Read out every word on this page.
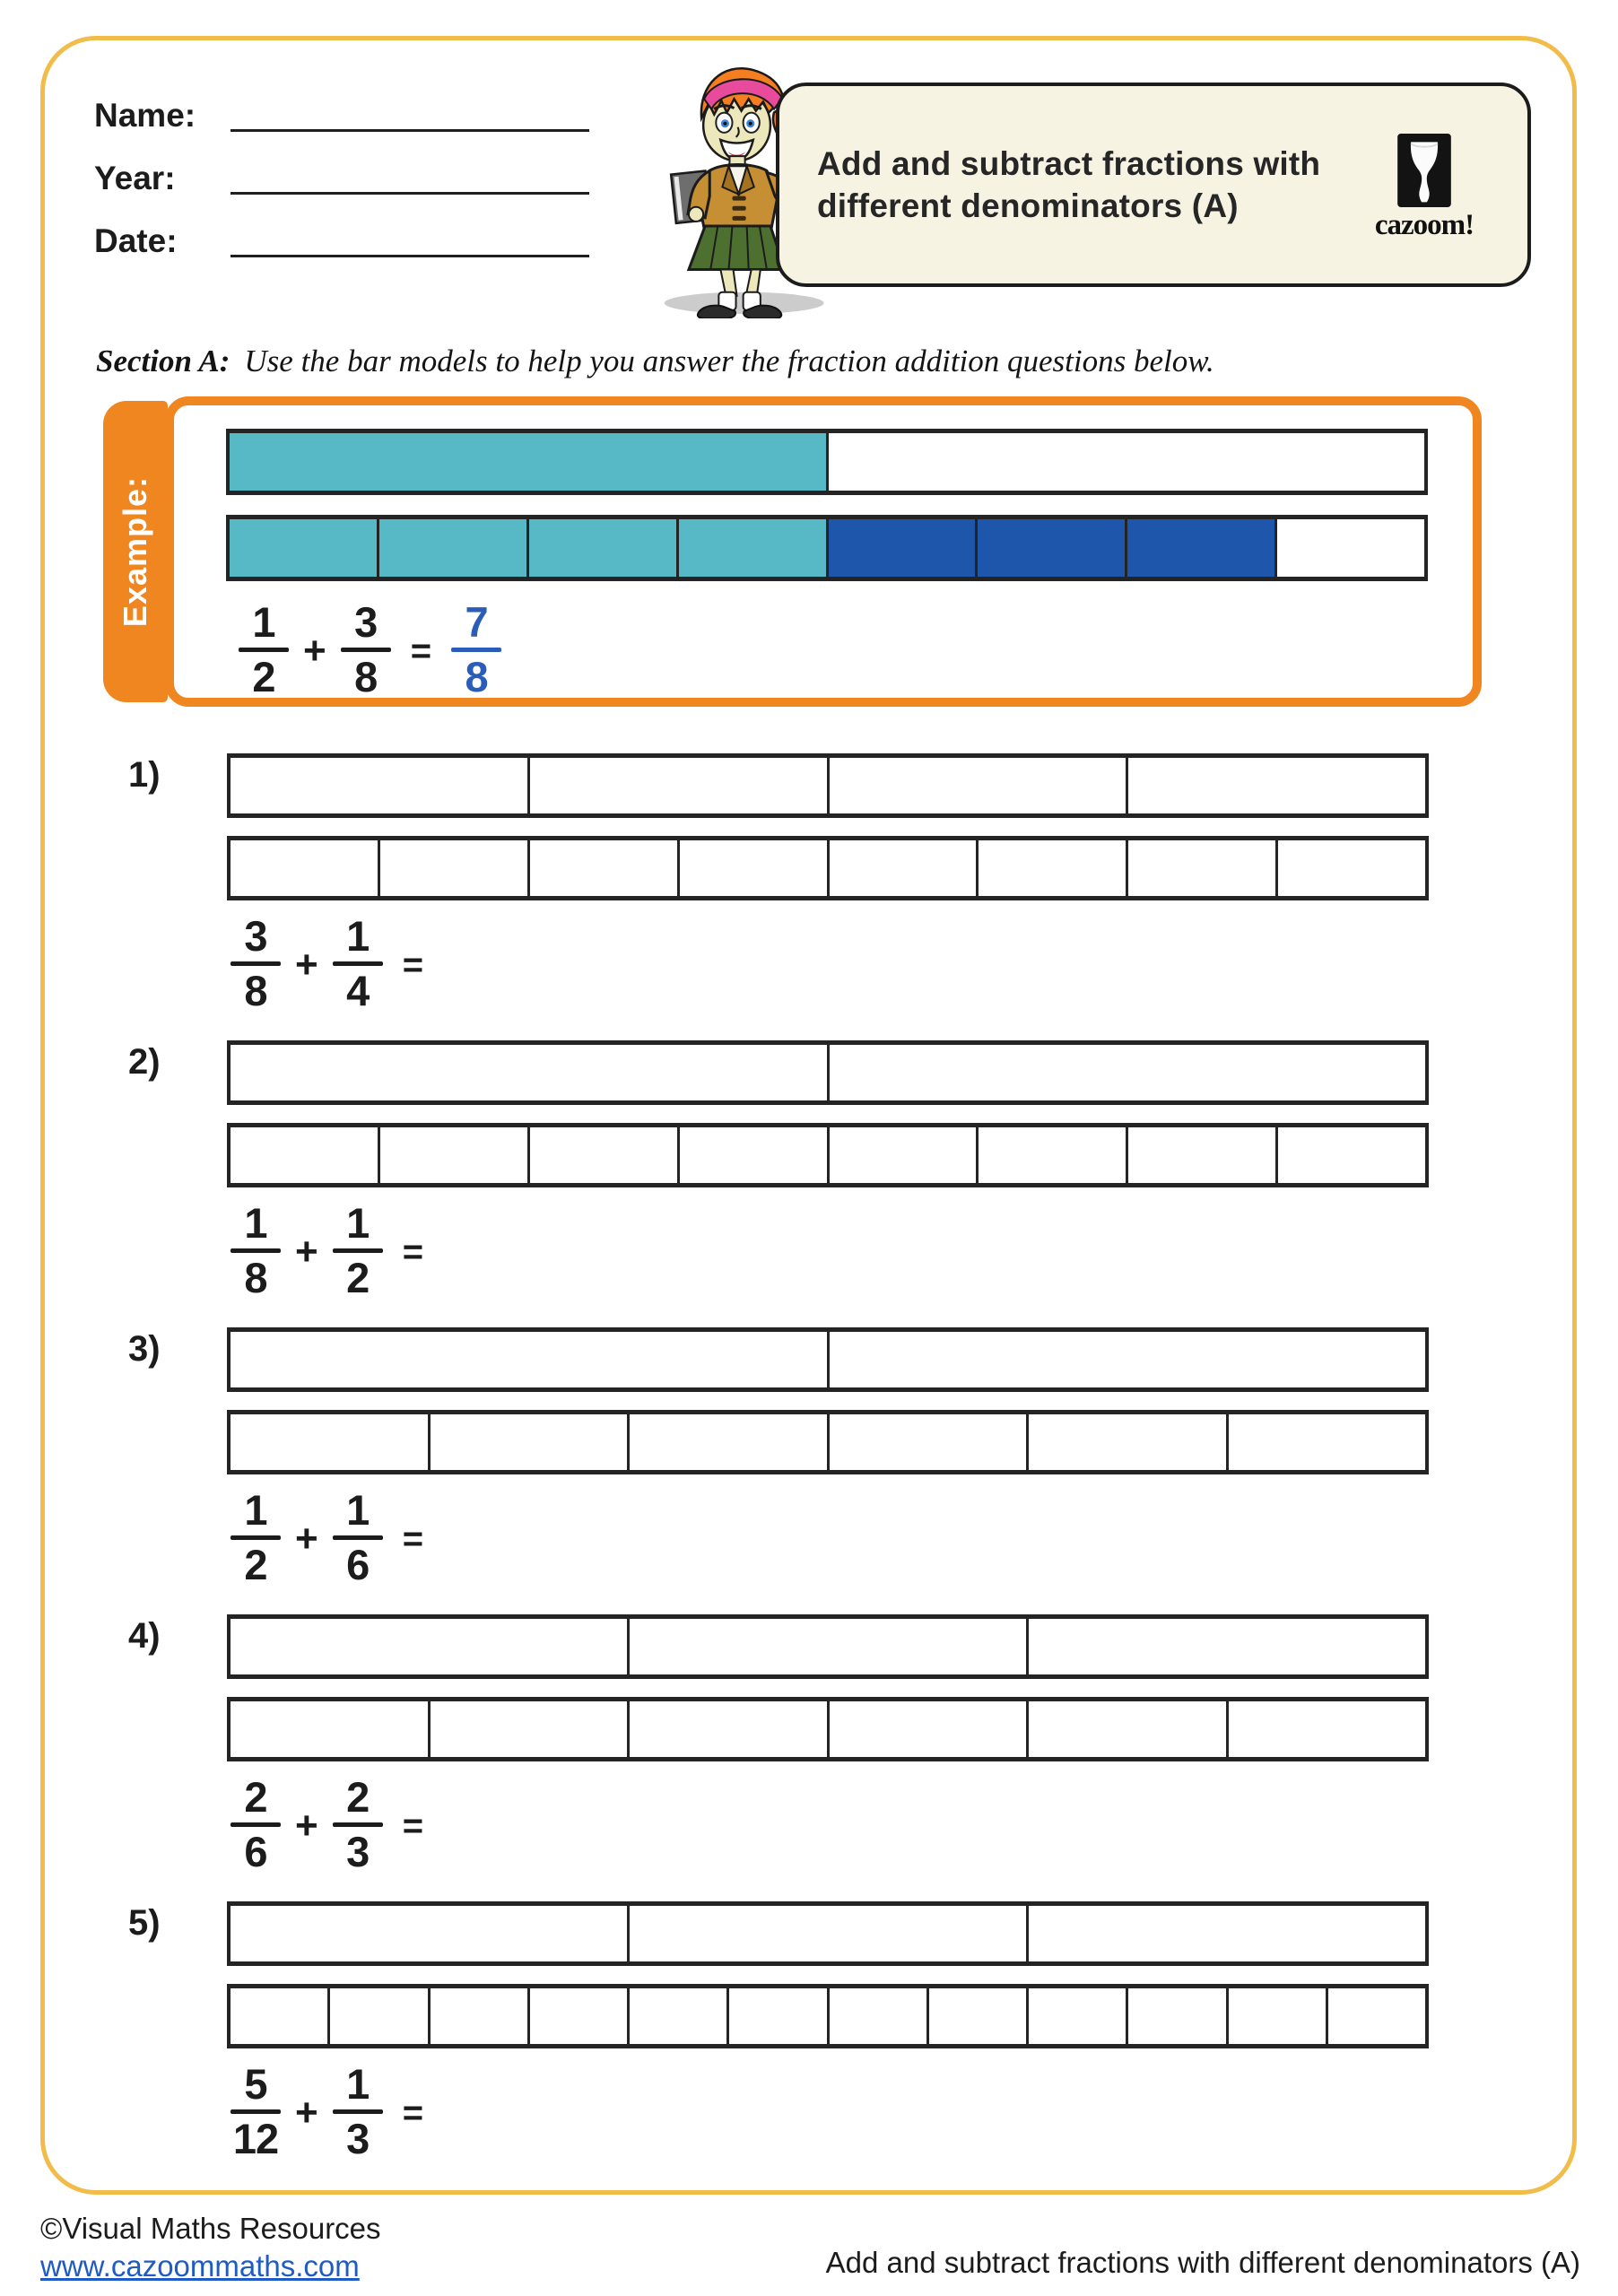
Name:
Year:
Date:
Add and subtract fractions with different denominators (A)
cazoom!
Section A: Use the bar models to help you answer the fraction addition questions below.
Example: 1
2
+
3
8
=
7
8
1)
3
8
+
1
4
=
2)
1
8
+
1
2
=
3)
1
2
+
1
6
=
4)
2
6
+
2
3
=
5)
5
12
+
1
3
=
©Visual Maths Resources
www.cazoommaths.com	Add and subtract fractions with different denominators (A)
